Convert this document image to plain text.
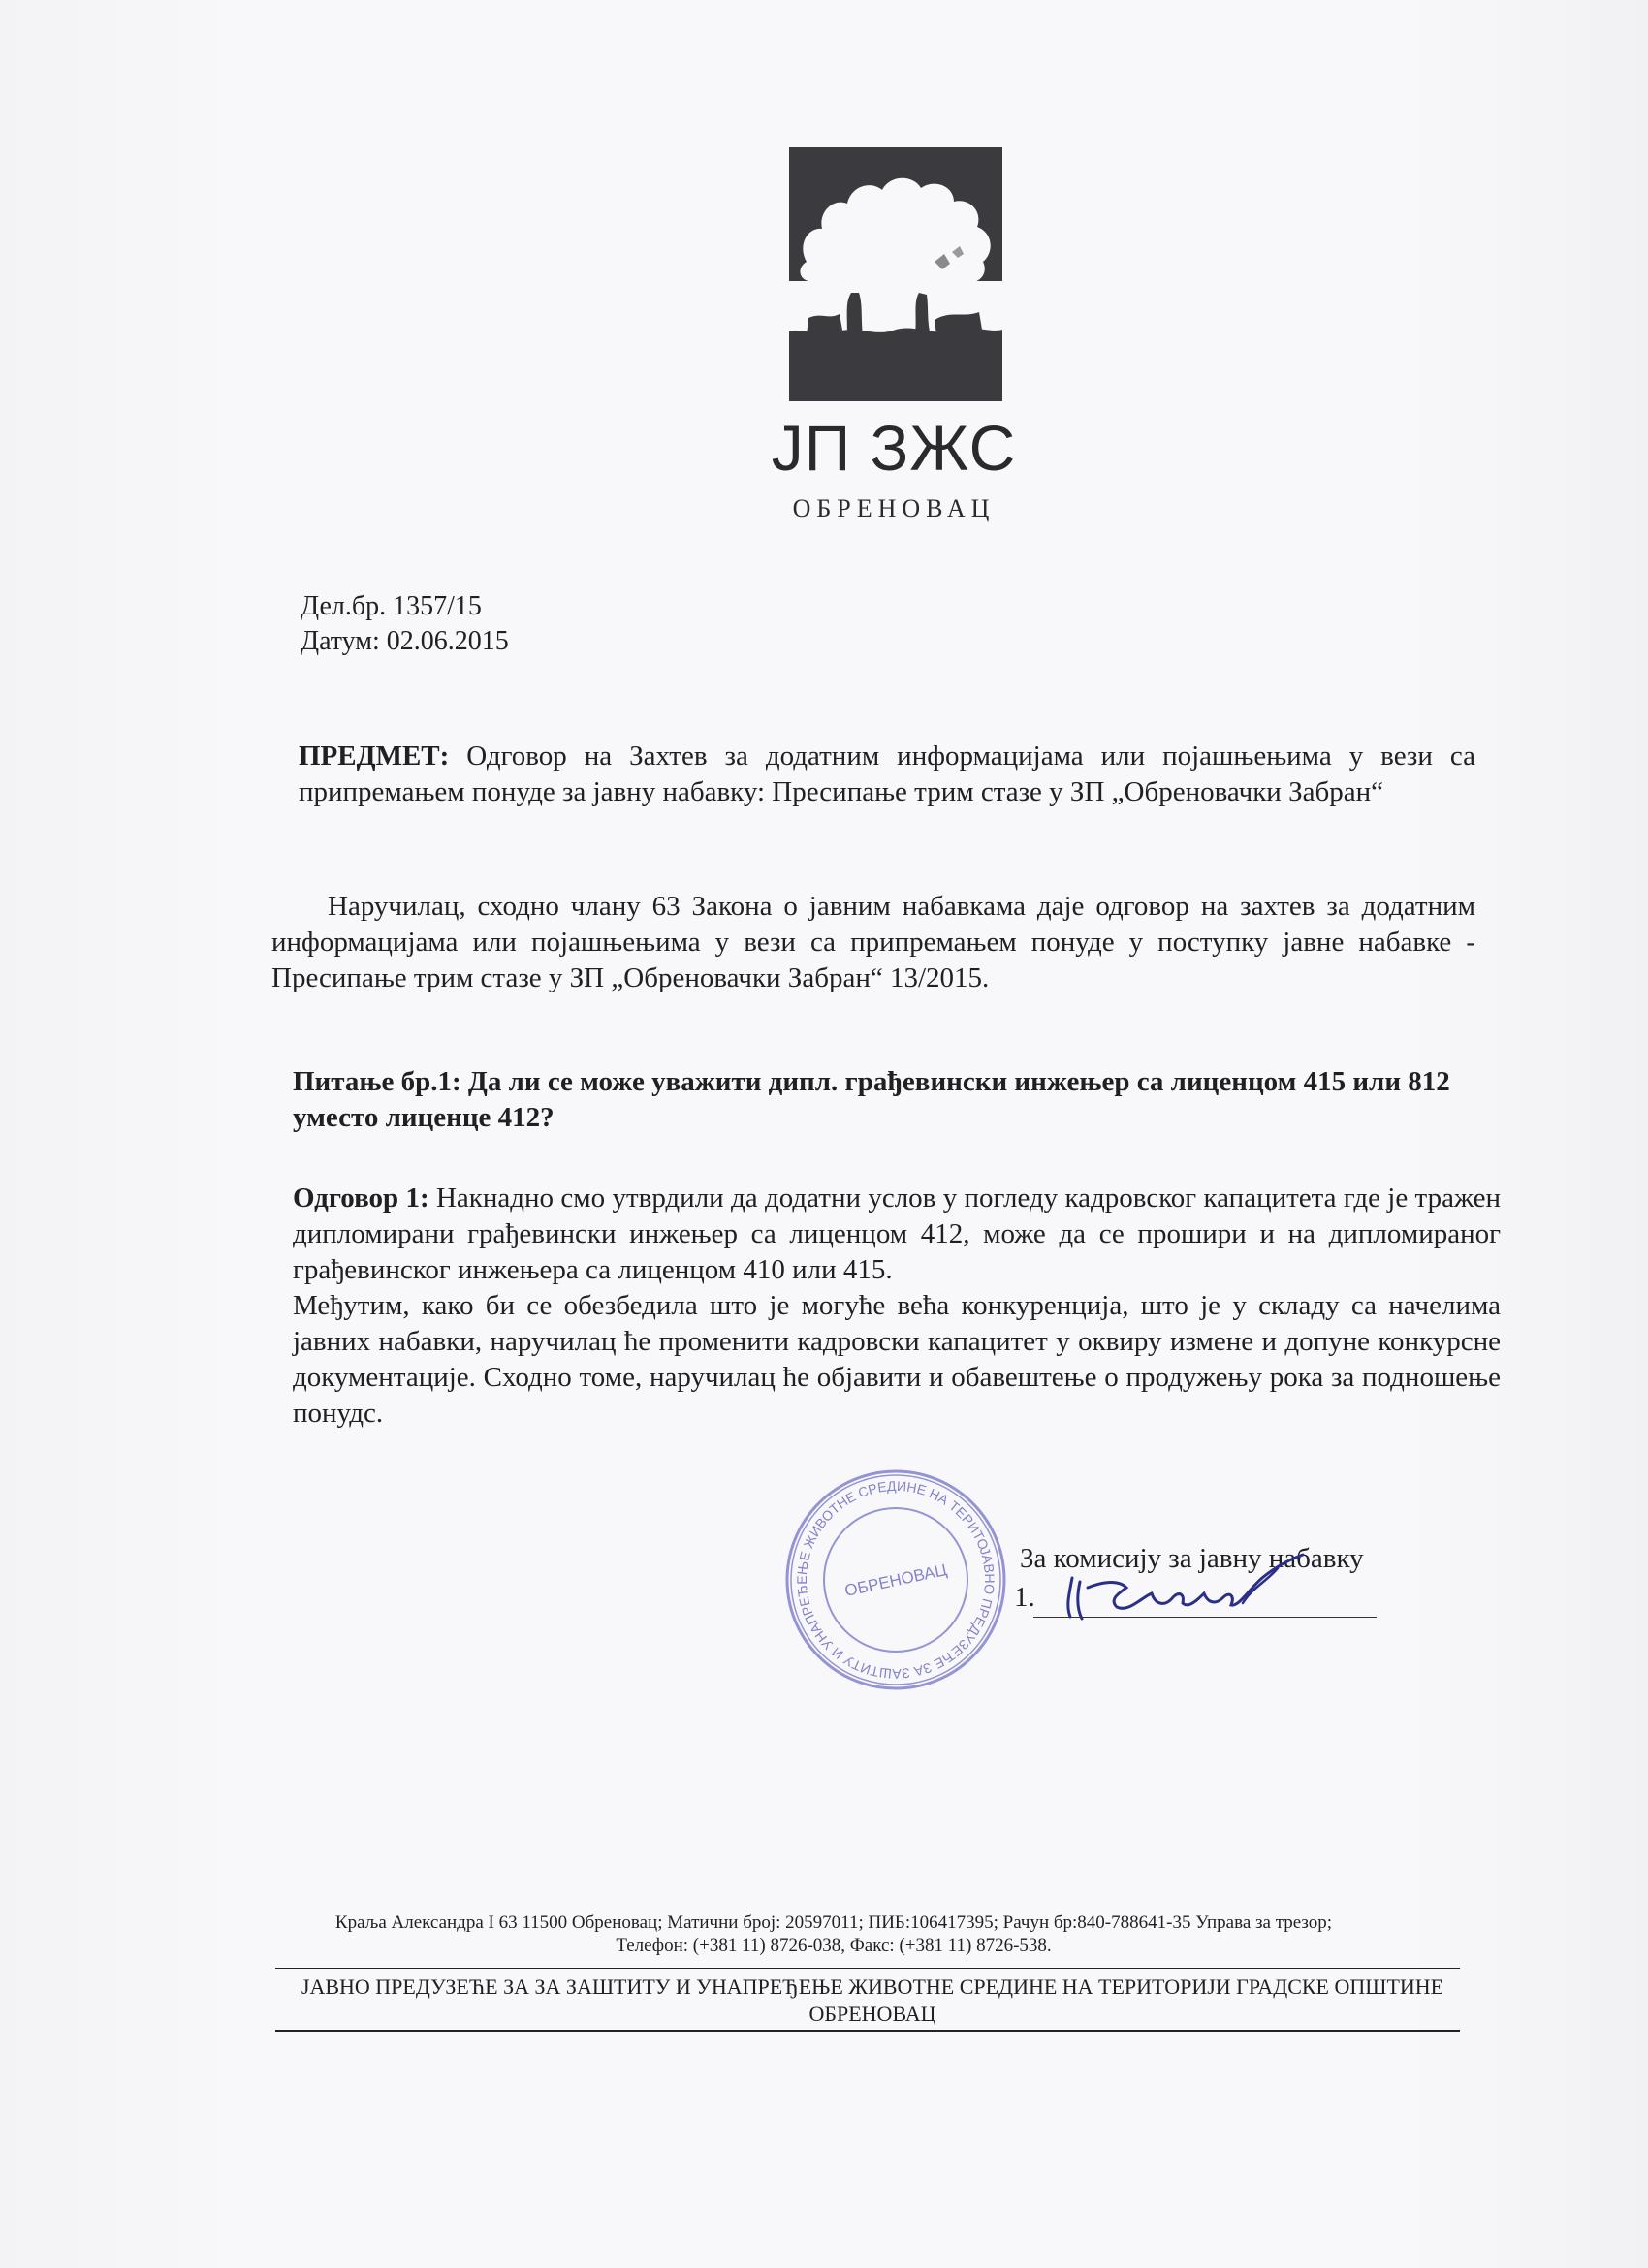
ЈП ЗЖС
ОБРЕНОВАЦ
Дел.бр. 1357/15
Датум: 02.06.2015
ПРЕДМЕТ: Одговор на Захтев за додатним информацијама или појашњењима у вези са припремањем понуде за јавну набавку: Пресипање трим стазе у ЗП „Обреновачки Забран“
Наручилац, сходно члану 63 Закона о јавним набавкама даје одговор на захтев за додатним информацијама или појашњењима у вези са припремањем понуде у поступку јавне набавке - Пресипање трим стазе у ЗП „Обреновачки Забран“ 13/2015.
Питање бр.1: Да ли се може уважити дипл. грађевински инжењер са лиценцом 415 или 812 уместо лиценце 412?
Одговор 1: Накнадно смо утврдили да додатни услов у погледу кадровског капацитета где је тражен дипломирани грађевински инжењер са лиценцом 412, може да се прошири и на дипломираног грађевинског инжењера са лиценцом 410 или 415.
Међутим, како би се обезбедила што је могуће већа конкуренција, што је у складу са начелима јавних набавки, наручилац ће променити кадровски капацитет у оквиру измене и допуне конкурсне документације. Сходно томе, наручилац ће објавити и обавештење о продужењу рока за подношење понудс.
ЈАВНО ПРЕДУЗЕЋЕ ЗА ЗАШТИТУ И УНАПРЕЂЕЊЕ ЖИВОТНЕ СРЕДИНЕ НА ТЕРИТОРИЈИ
ОБРЕНОВАЦ
За комисију за јавну набавку
1.
Краља Александра I 63 11500 Обреновац; Матични број: 20597011; ПИБ:106417395; Рачун бр:840-788641-35 Управа за трезор;
Телефон: (+381 11) 8726-038, Факс: (+381 11) 8726-538.
ЈАВНО ПРЕДУЗЕЋЕ ЗА ЗА ЗАШТИТУ И УНАПРЕЂЕЊЕ ЖИВОТНЕ СРЕДИНЕ НА ТЕРИТОРИЈИ ГРАДСКЕ ОПШТИНЕ ОБРЕНОВАЦ
